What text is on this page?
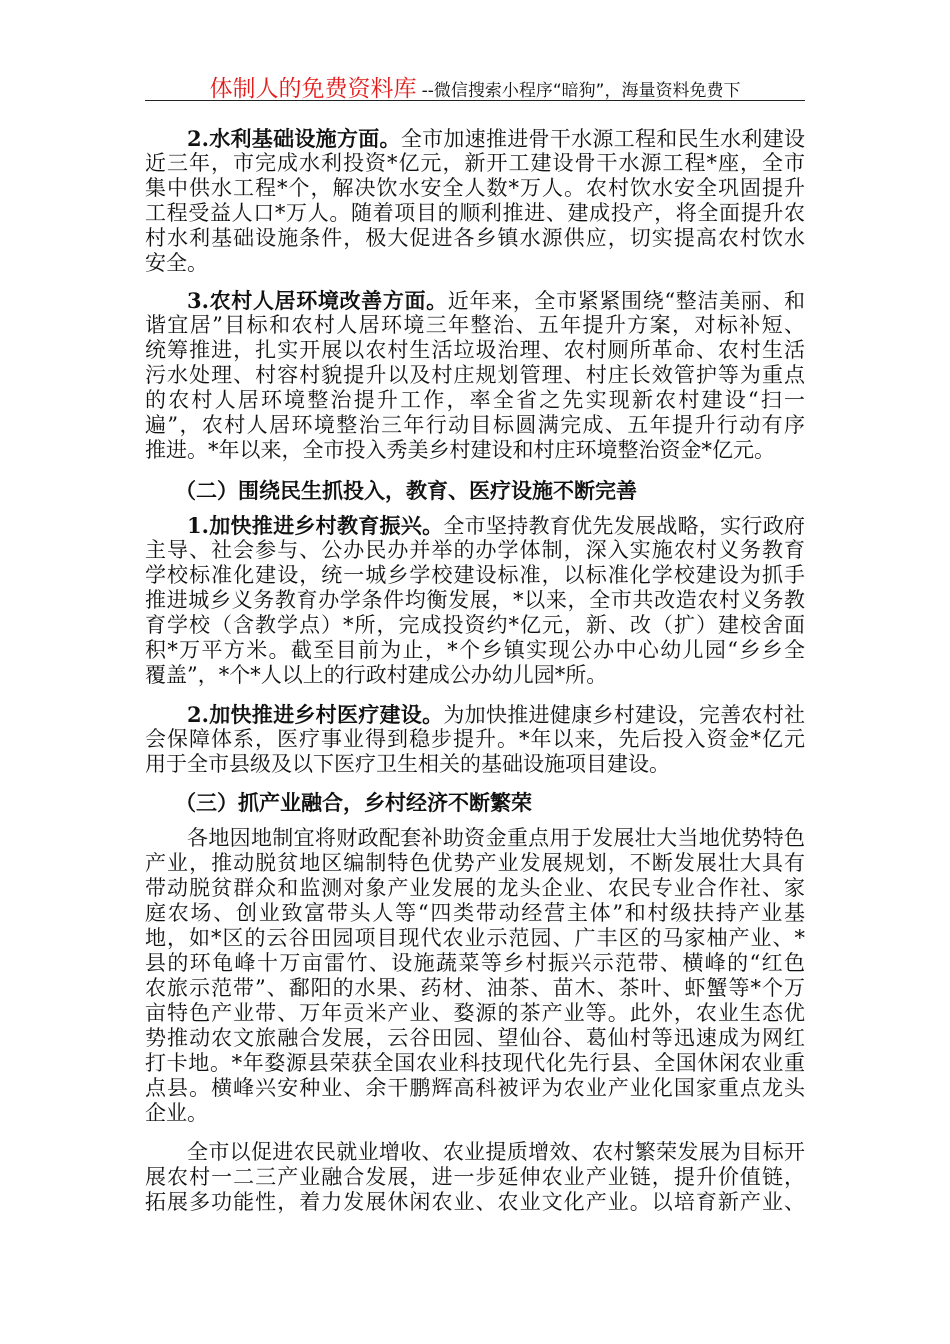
体制人的免费资料库 --微信搜索小程序“暗狗”，海量资料免费下
2.水利基础设施方面。全市加速推进骨干水源工程和民生水利建设
近三年，市完成水利投资*亿元，新开工建设骨干水源工程*座，全市
集中供水工程*个，解决饮水安全人数*万人。农村饮水安全巩固提升
工程受益人口*万人。随着项目的顺利推进、建成投产，将全面提升农
村水利基础设施条件，极大促进各乡镇水源供应，切实提高农村饮水
安全。
3.农村人居环境改善方面。近年来，全市紧紧围绕“整洁美丽、和
谐宜居”目标和农村人居环境三年整治、五年提升方案，对标补短、
统筹推进，扎实开展以农村生活垃圾治理、农村厕所革命、农村生活
污水处理、村容村貌提升以及村庄规划管理、村庄长效管护等为重点
的农村人居环境整治提升工作，率全省之先实现新农村建设“扫一
遍”，农村人居环境整治三年行动目标圆满完成、五年提升行动有序
推进。*年以来，全市投入秀美乡村建设和村庄环境整治资金*亿元。
（二）围绕民生抓投入，教育、医疗设施不断完善
1.加快推进乡村教育振兴。全市坚持教育优先发展战略，实行政府
主导、社会参与、公办民办并举的办学体制，深入实施农村义务教育
学校标准化建设，统一城乡学校建设标准，以标准化学校建设为抓手
推进城乡义务教育办学条件均衡发展，*以来，全市共改造农村义务教
育学校（含教学点）*所，完成投资约*亿元，新、改（扩）建校舍面
积*万平方米。截至目前为止，*个乡镇实现公办中心幼儿园“乡乡全
覆盖”，*个*人以上的行政村建成公办幼儿园*所。
2.加快推进乡村医疗建设。为加快推进健康乡村建设，完善农村社
会保障体系，医疗事业得到稳步提升。*年以来，先后投入资金*亿元
用于全市县级及以下医疗卫生相关的基础设施项目建设。
（三）抓产业融合，乡村经济不断繁荣
各地因地制宜将财政配套补助资金重点用于发展壮大当地优势特色
产业，推动脱贫地区编制特色优势产业发展规划，不断发展壮大具有
带动脱贫群众和监测对象产业发展的龙头企业、农民专业合作社、家
庭农场、创业致富带头人等“四类带动经营主体”和村级扶持产业基
地，如*区的云谷田园项目现代农业示范园、广丰区的马家柚产业、*
县的环龟峰十万亩雷竹、设施蔬菜等乡村振兴示范带、横峰的“红色
农旅示范带”、鄱阳的水果、药材、油茶、苗木、茶叶、虾蟹等*个万
亩特色产业带、万年贡米产业、婺源的茶产业等。此外，农业生态优
势推动农文旅融合发展，云谷田园、望仙谷、葛仙村等迅速成为网红
打卡地。*年婺源县荣获全国农业科技现代化先行县、全国休闲农业重
点县。横峰兴安种业、余干鹏辉高科被评为农业产业化国家重点龙头
企业。
全市以促进农民就业增收、农业提质增效、农村繁荣发展为目标开
展农村一二三产业融合发展，进一步延伸农业产业链，提升价值链，
拓展多功能性，着力发展休闲农业、农业文化产业。以培育新产业、
